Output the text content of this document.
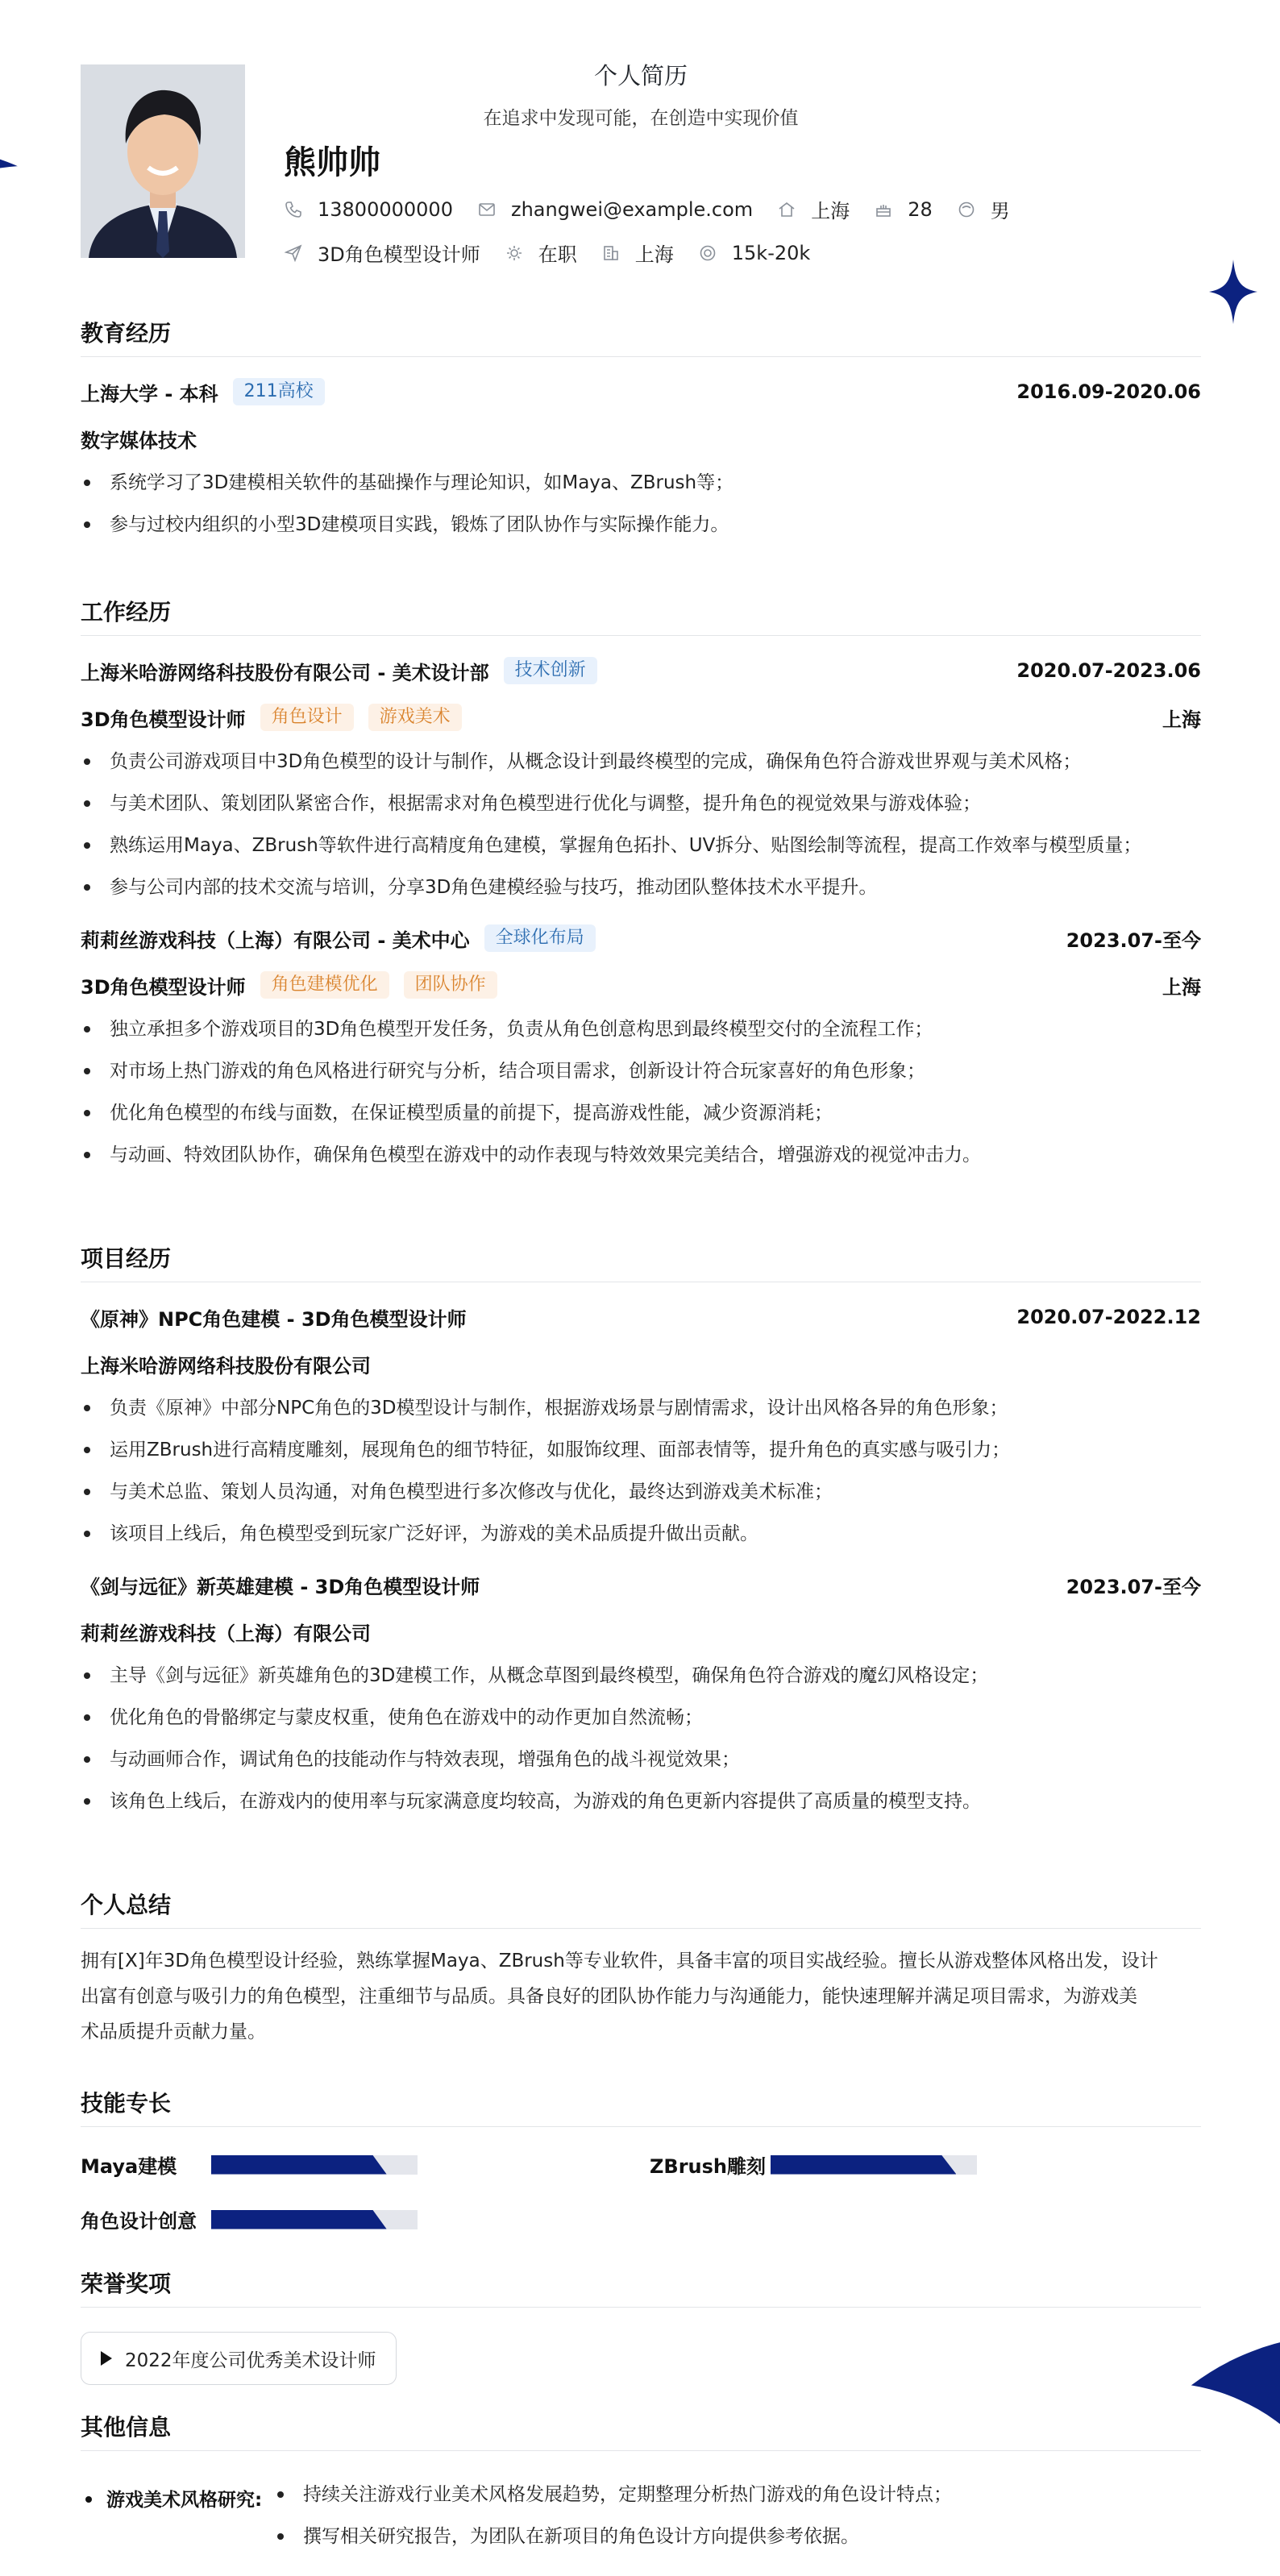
个人简历
在追求中发现可能，在创造中实现价值
熊帅帅
13800000000	zhangwei@example.com	上海	28	男
3D角色模型设计师	在职	上海	15k-20k
教育经历
上海大学 - 本科	211高校	2016.09-2020.06
数字媒体技术
系统学习了3D建模相关软件的基础操作与理论知识，如Maya、ZBrush等；
参与过校内组织的小型3D建模项目实践，锻炼了团队协作与实际操作能力。
工作经历
上海米哈游网络科技股份有限公司 - 美术设计部	技术创新	2020.07-2023.06
3D角色模型设计师	角色设计	游戏美术	上海
负责公司游戏项目中3D角色模型的设计与制作，从概念设计到最终模型的完成，确保角色符合游戏世界观与美术风格；
与美术团队、策划团队紧密合作，根据需求对角色模型进行优化与调整，提升角色的视觉效果与游戏体验；
熟练运用Maya、ZBrush等软件进行高精度角色建模，掌握角色拓扑、UV拆分、贴图绘制等流程，提高工作效率与模型质量；
参与公司内部的技术交流与培训，分享3D角色建模经验与技巧，推动团队整体技术水平提升。
莉莉丝游戏科技（上海）有限公司 - 美术中心	全球化布局	2023.07-至今
3D角色模型设计师	角色建模优化	团队协作	上海
独立承担多个游戏项目的3D角色模型开发任务，负责从角色创意构思到最终模型交付的全流程工作；
对市场上热门游戏的角色风格进行研究与分析，结合项目需求，创新设计符合玩家喜好的角色形象；
优化角色模型的布线与面数，在保证模型质量的前提下，提高游戏性能，减少资源消耗；
与动画、特效团队协作，确保角色模型在游戏中的动作表现与特效效果完美结合，增强游戏的视觉冲击力。
项目经历
《原神》NPC角色建模 - 3D角色模型设计师	2020.07-2022.12
上海米哈游网络科技股份有限公司
负责《原神》中部分NPC角色的3D模型设计与制作，根据游戏场景与剧情需求，设计出风格各异的角色形象；
运用ZBrush进行高精度雕刻，展现角色的细节特征，如服饰纹理、面部表情等，提升角色的真实感与吸引力；
与美术总监、策划人员沟通，对角色模型进行多次修改与优化，最终达到游戏美术标准；
该项目上线后，角色模型受到玩家广泛好评，为游戏的美术品质提升做出贡献。
《剑与远征》新英雄建模 - 3D角色模型设计师	2023.07-至今
莉莉丝游戏科技（上海）有限公司
主导《剑与远征》新英雄角色的3D建模工作，从概念草图到最终模型，确保角色符合游戏的魔幻风格设定；
优化角色的骨骼绑定与蒙皮权重，使角色在游戏中的动作更加自然流畅；
与动画师合作，调试角色的技能动作与特效表现，增强角色的战斗视觉效果；
该角色上线后，在游戏内的使用率与玩家满意度均较高，为游戏的角色更新内容提供了高质量的模型支持。
个人总结
拥有[X]年3D角色模型设计经验，熟练掌握Maya、ZBrush等专业软件，具备丰富的项目实战经验。擅长从游戏整体风格出发，设计
出富有创意与吸引力的角色模型，注重细节与品质。具备良好的团队协作能力与沟通能力，能快速理解并满足项目需求，为游戏美
术品质提升贡献力量。
技能专长
Maya建模	ZBrush雕刻
角色设计创意
荣誉奖项
2022年度公司优秀美术设计师
其他信息
游戏美术风格研究:	持续关注游戏行业美术风格发展趋势，定期整理分析热门游戏的角色设计特点；
撰写相关研究报告，为团队在新项目的角色设计方向提供参考依据。
